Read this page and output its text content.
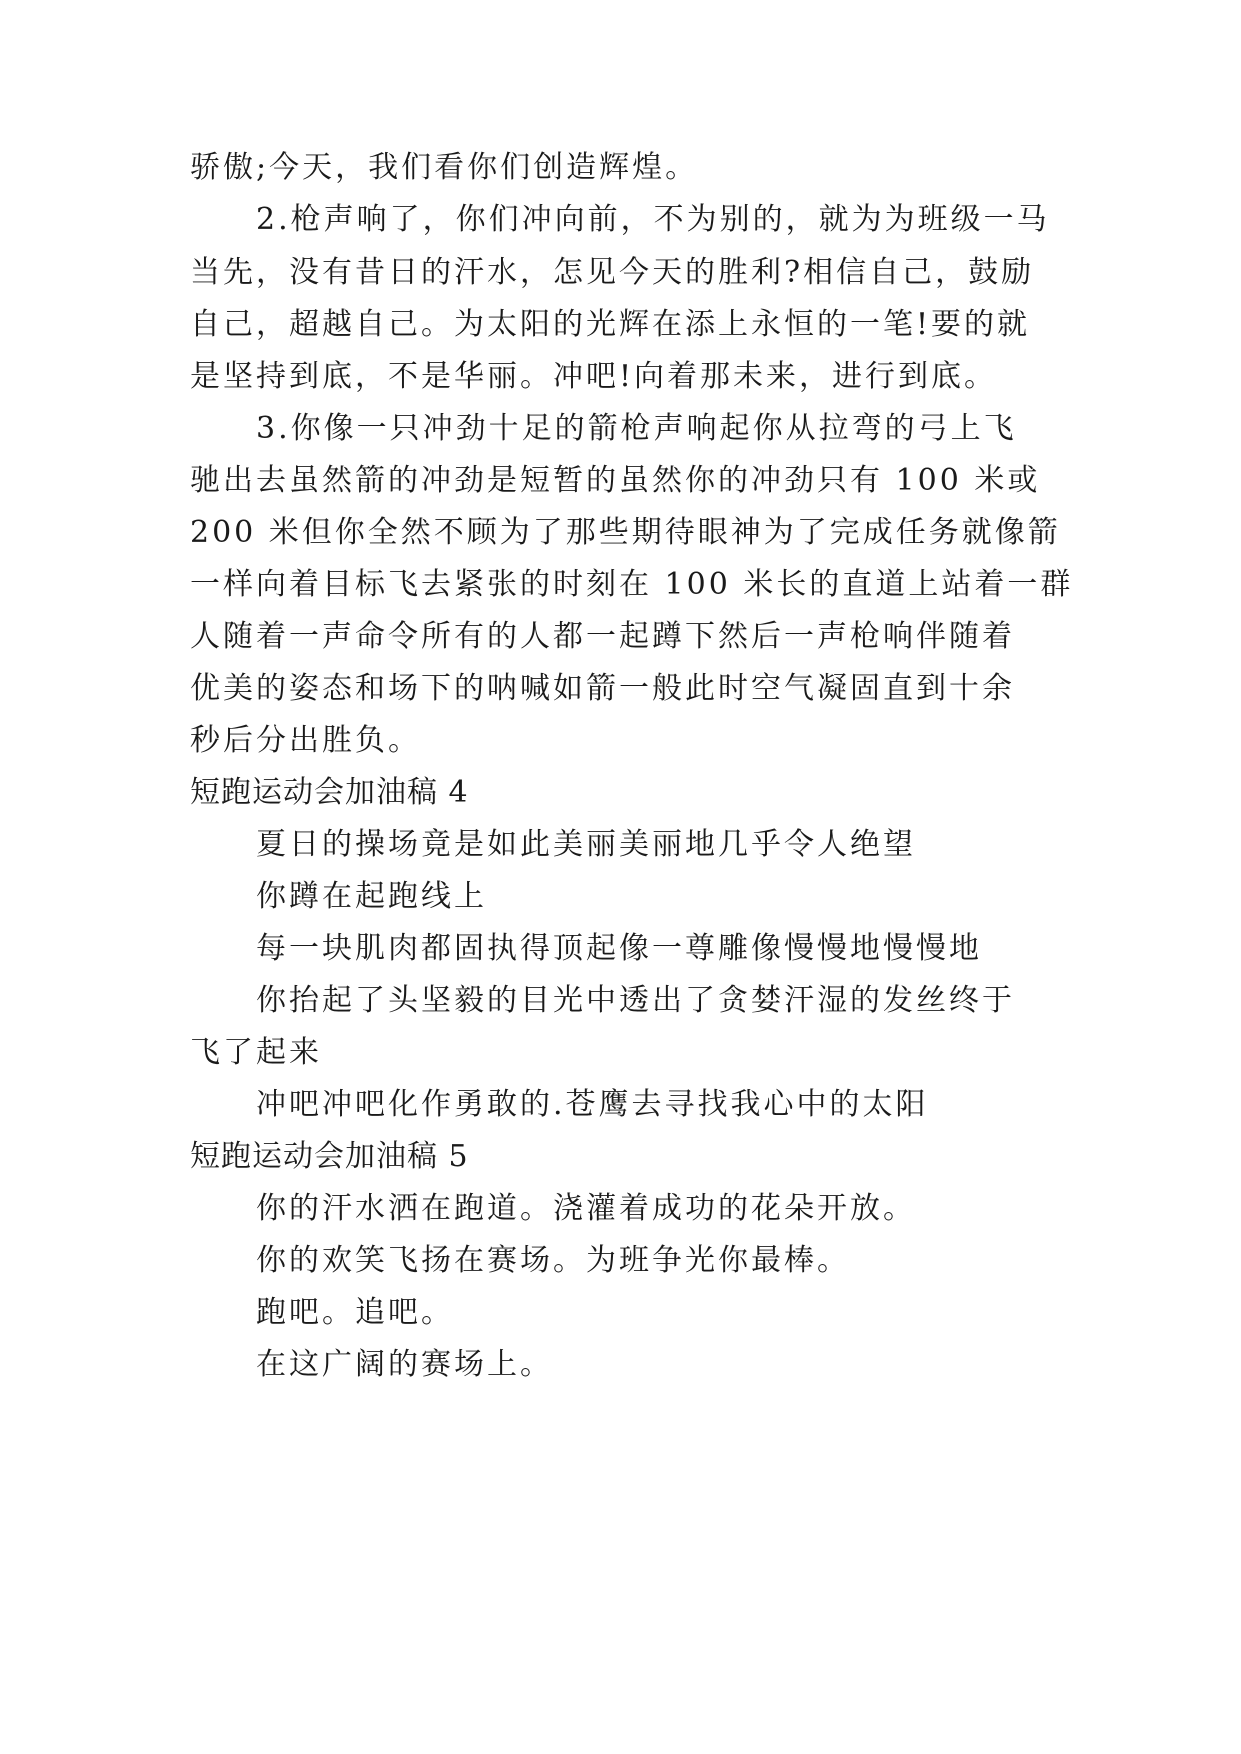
骄傲;今天，我们看你们创造辉煌。
2.枪声响了，你们冲向前，不为别的，就为为班级一马
当先，没有昔日的汗水，怎见今天的胜利?相信自己，鼓励
自己，超越自己。为太阳的光辉在添上永恒的一笔!要的就
是坚持到底，不是华丽。冲吧!向着那未来，进行到底。
3.你像一只冲劲十足的箭枪声响起你从拉弯的弓上飞
驰出去虽然箭的冲劲是短暂的虽然你的冲劲只有 100 米或
200 米但你全然不顾为了那些期待眼神为了完成任务就像箭
一样向着目标飞去紧张的时刻在 100 米长的直道上站着一群
人随着一声命令所有的人都一起蹲下然后一声枪响伴随着
优美的姿态和场下的呐喊如箭一般此时空气凝固直到十余
秒后分出胜负。
短跑运动会加油稿 4
夏日的操场竟是如此美丽美丽地几乎令人绝望
你蹲在起跑线上
每一块肌肉都固执得顶起像一尊雕像慢慢地慢慢地
你抬起了头坚毅的目光中透出了贪婪汗湿的发丝终于
飞了起来
冲吧冲吧化作勇敢的.苍鹰去寻找我心中的太阳
短跑运动会加油稿 5
你的汗水洒在跑道。浇灌着成功的花朵开放。
你的欢笑飞扬在赛场。为班争光你最棒。
跑吧。追吧。
在这广阔的赛场上。
